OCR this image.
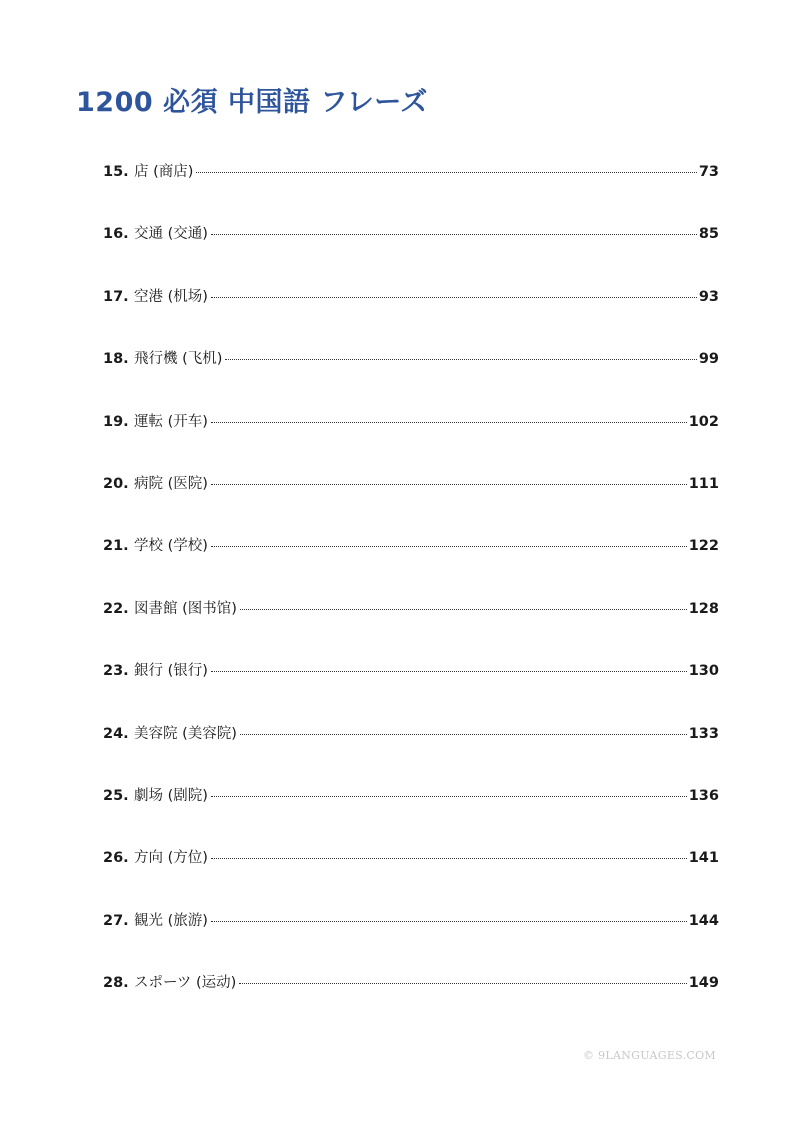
1200 必須 中国語 フレーズ
15. 店 (商店)	73
16. 交通 (交通)	85
17. 空港 (机场)	93
18. 飛行機 (飞机)	99
19. 運転 (开车)	102
20. 病院 (医院)	111
21. 学校 (学校)	122
22. 図書館 (图书馆)	128
23. 銀行 (银行)	130
24. 美容院 (美容院)	133
25. 劇场 (剧院)	136
26. 方向 (方位)	141
27. 観光 (旅游)	144
28. スポーツ (运动)	149
© 9LANGUAGES.COM
